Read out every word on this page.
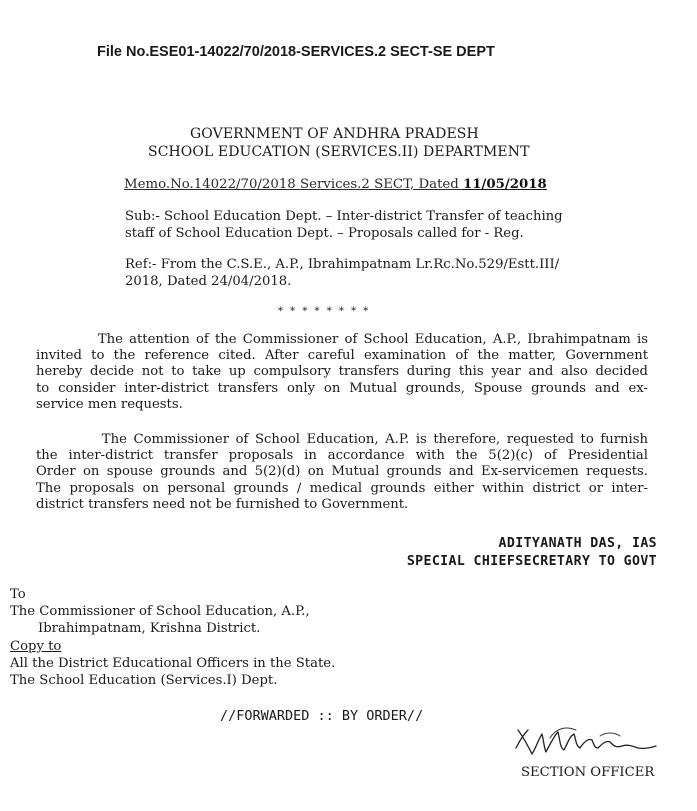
File No.ESE01-14022/70/2018-SERVICES.2 SECT-SE DEPT
GOVERNMENT OF ANDHRA PRADESH
SCHOOL EDUCATION (SERVICES.II) DEPARTMENT
Memo.No.14022/70/2018 Services.2 SECT, Dated 11/05/2018
Sub:- School Education Dept. – Inter-district Transfer of teaching
staff of School Education Dept. – Proposals called for - Reg.
Ref:- From the C.S.E., A.P., Ibrahimpatnam Lr.Rc.No.529/Estt.III/
2018, Dated 24/04/2018.
* * * * * * * *
The attention of the Commissioner of School Education, A.P., Ibrahimpatnam is
invited to the reference cited. After careful examination of the matter, Government
hereby decide not to take up compulsory transfers during this year and also decided
to consider inter-district transfers only on Mutual grounds, Spouse grounds and ex-
service men requests.
The Commissioner of School Education, A.P. is therefore, requested to furnish
the inter-district transfer proposals in accordance with the 5(2)(c) of Presidential
Order on spouse grounds and 5(2)(d) on Mutual grounds and Ex-servicemen requests.
The proposals on personal grounds / medical grounds either within district or inter-
district transfers need not be furnished to Government.
ADITYANATH DAS, IAS
SPECIAL CHIEFSECRETARY TO GOVT
To
The Commissioner of School Education, A.P.,
Ibrahimpatnam, Krishna District.
Copy to
All the District Educational Officers in the State.
The School Education (Services.I) Dept.
//FORWARDED :: BY ORDER//
SECTION OFFICER
